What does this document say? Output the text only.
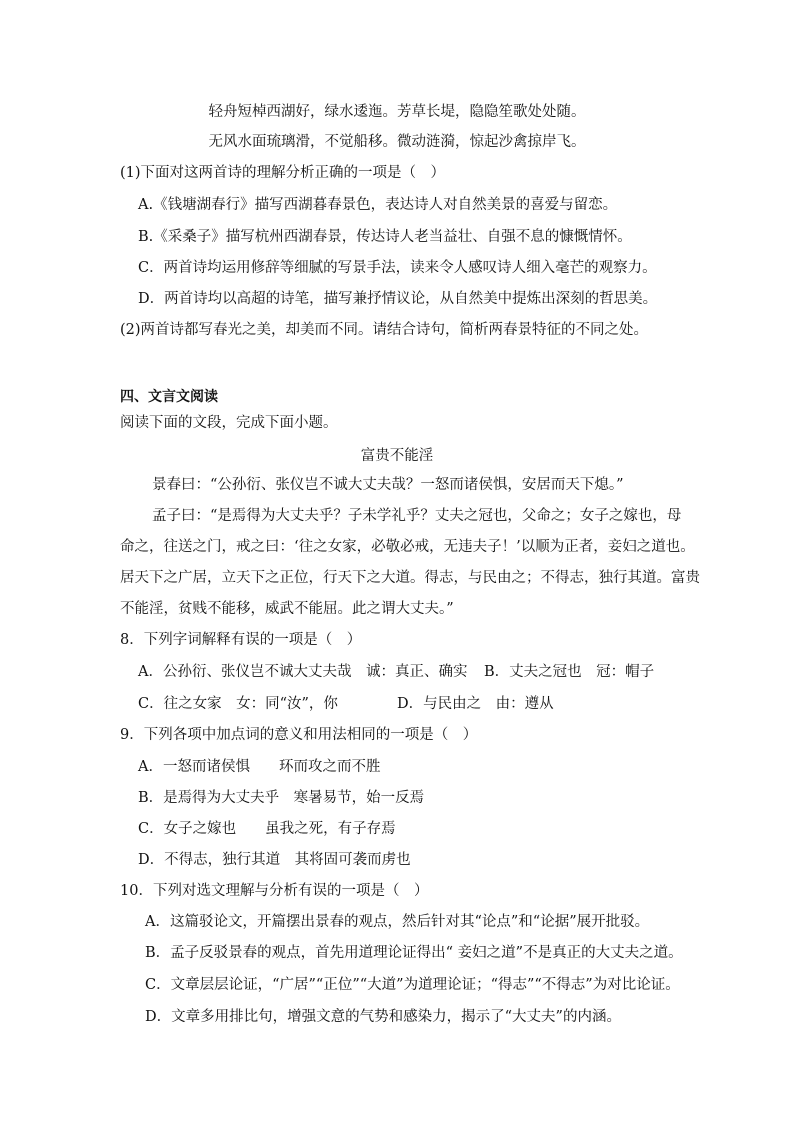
轻舟短棹西湖好，绿水逶迤。芳草长堤，隐隐笙歌处处随。
无风水面琉璃滑，不觉船移。微动涟漪，惊起沙禽掠岸飞。
(1)下面对这两首诗的理解分析正确的一项是（　）
A.《钱塘湖春行》描写西湖暮春景色，表达诗人对自然美景的喜爱与留恋。
B.《采桑子》描写杭州西湖春景，传达诗人老当益壮、自强不息的慷慨情怀。
C．两首诗均运用修辞等细腻的写景手法，读来令人感叹诗人细入毫芒的观察力。
D．两首诗均以高超的诗笔，描写兼抒情议论，从自然美中提炼出深刻的哲思美。
(2)两首诗都写春光之美，却美而不同。请结合诗句，简析两春景特征的不同之处。
四、文言文阅读
阅读下面的文段，完成下面小题。
富贵不能淫
景春曰：“公孙衍、张仪岂不诚大丈夫哉？一怒而诸侯惧，安居而天下熄。”
孟子曰：“是焉得为大丈夫乎？子未学礼乎？丈夫之冠也，父命之；女子之嫁也，母
命之，往送之门，戒之曰：‘往之女家，必敬必戒，无违夫子！’以顺为正者，妾妇之道也。
居天下之广居，立天下之正位，行天下之大道。得志，与民由之；不得志，独行其道。富贵
不能淫，贫贱不能移，威武不能屈。此之谓大丈夫。”
8．下列字词解释有误的一项是（　）
A．公孙衍、张仪岂不诚大丈夫哉　诚：真正、确实 B．丈夫之冠也　冠：帽子
C．往之女家　女：同“汝”，你	D．与民由之　由：遵从
9．下列各项中加点词的意义和用法相同的一项是（　）
A．一怒而诸侯惧　　环而攻之而不胜
B．是焉得为大丈夫乎　寒暑易节，始一反焉
C．女子之嫁也　　虽我之死，有子存焉
D．不得志，独行其道　其将固可袭而虏也
10．下列对选文理解与分析有误的一项是（　）
A．这篇驳论文，开篇摆出景春的观点，然后针对其“论点”和“论据”展开批驳。
B．孟子反驳景春的观点，首先用道理论证得出“ 妾妇之道”不是真正的大丈夫之道。
C．文章层层论证，“广居”“正位”“大道”为道理论证；“得志”“不得志”为对比论证。
D．文章多用排比句，增强文意的气势和感染力，揭示了“大丈夫”的内涵。
